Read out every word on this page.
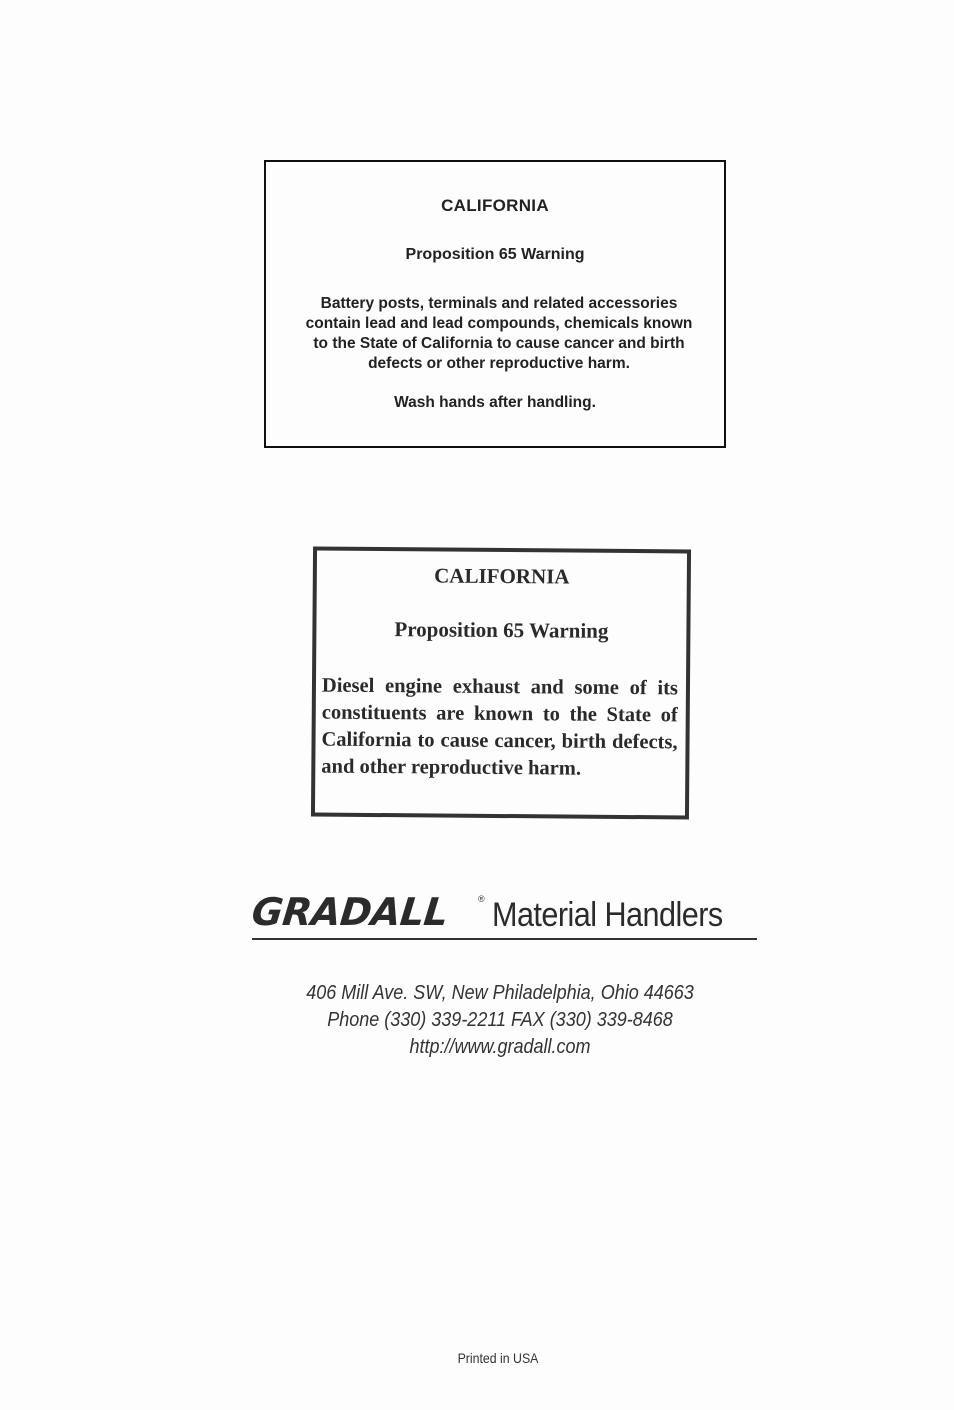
CALIFORNIA
Proposition 65 Warning
Battery posts, terminals and related accessories contain lead and lead compounds, chemicals known to the State of California to cause cancer and birth defects or other reproductive harm.
Wash hands after handling.
CALIFORNIA
Proposition 65 Warning
Diesel engine exhaust and some of its constituents are known to the State of California to cause cancer, birth defects, and other reproductive harm.
GRADALL	® Material Handlers
406 Mill Ave. SW, New Philadelphia, Ohio 44663
Phone (330) 339-2211 FAX (330) 339-8468
http://www.gradall.com
Printed in USA
